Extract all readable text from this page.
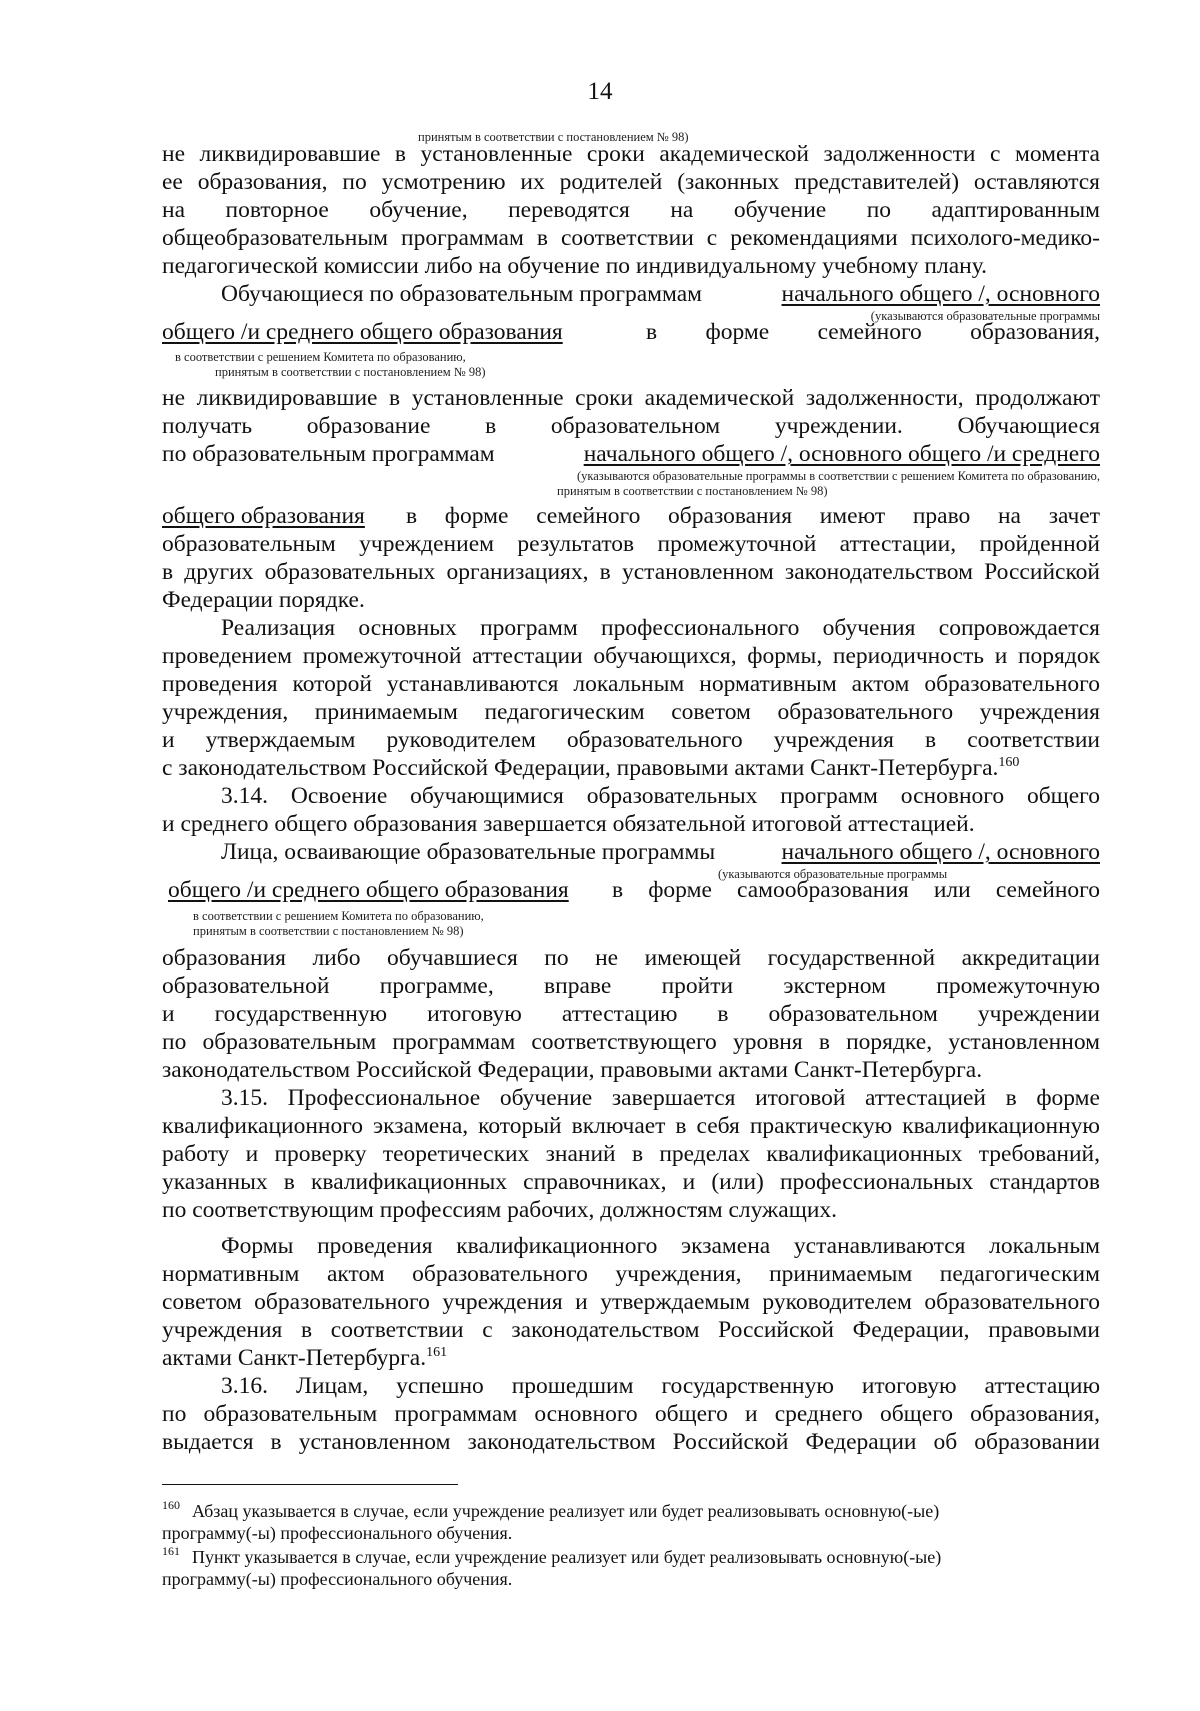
14
принятым в соответствии с постановлением № 98)
не ликвидировавшие в установленные сроки академической задолженности с момента
ее образования, по усмотрению их родителей (законных представителей) оставляются
на повторное обучение, переводятся на обучение по адаптированным
общеобразовательным программам в соответствии с рекомендациями психолого-медико-
педагогической комиссии либо на обучение по индивидуальному учебному плану.
Обучающиеся по образовательным программам	начального общего /, основного
(указываются образовательные программы
общего /и среднего общего образования	в форме семейного образования,
в соответствии с решением Комитета по образованию,
принятым в соответствии с постановлением № 98)
не ликвидировавшие в установленные сроки академической задолженности, продолжают
получать образование в образовательном учреждении. Обучающиеся
по образовательным программам	начального общего /, основного общего /и среднего
(указываются образовательные программы в соответствии с решением Комитета по образованию,
принятым в соответствии с постановлением № 98)
общего образования в форме семейного образования имеют право на зачет
образовательным учреждением результатов промежуточной аттестации, пройденной
в других образовательных организациях, в установленном законодательством Российской
Федерации порядке.
Реализация основных программ профессионального обучения сопровождается
проведением промежуточной аттестации обучающихся, формы, периодичность и порядок
проведения которой устанавливаются локальным нормативным актом образовательного
учреждения, принимаемым педагогическим советом образовательного учреждения
и утверждаемым руководителем образовательного учреждения в соответствии
с законодательством Российской Федерации, правовыми актами Санкт-Петербурга.$^{160}$
3.14. Освоение обучающимися образовательных программ основного общего
и среднего общего образования завершается обязательной итоговой аттестацией.
Лица, осваивающие образовательные программы	начального общего /, основного
(указываются образовательные программы
общего /и среднего общего образования в форме самообразования или семейного
в соответствии с решением Комитета по образованию,
принятым в соответствии с постановлением № 98)
образования либо обучавшиеся по не имеющей государственной аккредитации
образовательной программе, вправе пройти экстерном промежуточную
и государственную итоговую аттестацию в образовательном учреждении
по образовательным программам соответствующего уровня в порядке, установленном
законодательством Российской Федерации, правовыми актами Санкт-Петербурга.
3.15. Профессиональное обучение завершается итоговой аттестацией в форме
квалификационного экзамена, который включает в себя практическую квалификационную
работу и проверку теоретических знаний в пределах квалификационных требований,
указанных в квалификационных справочниках, и (или) профессиональных стандартов
по соответствующим профессиям рабочих, должностям служащих.
Формы проведения квалификационного экзамена устанавливаются локальным
нормативным актом образовательного учреждения, принимаемым педагогическим
советом образовательного учреждения и утверждаемым руководителем образовательного
учреждения в соответствии с законодательством Российской Федерации, правовыми
актами Санкт-Петербурга.$^{161}$
3.16. Лицам, успешно прошедшим государственную итоговую аттестацию
по образовательным программам основного общего и среднего общего образования,
выдается в установленном законодательством Российской Федерации об образовании
160 Абзац указывается в случае, если учреждение реализует или будет реализовывать основную(-ые)
программу(-ы) профессионального обучения.
161 Пункт указывается в случае, если учреждение реализует или будет реализовывать основную(-ые)
программу(-ы) профессионального обучения.
